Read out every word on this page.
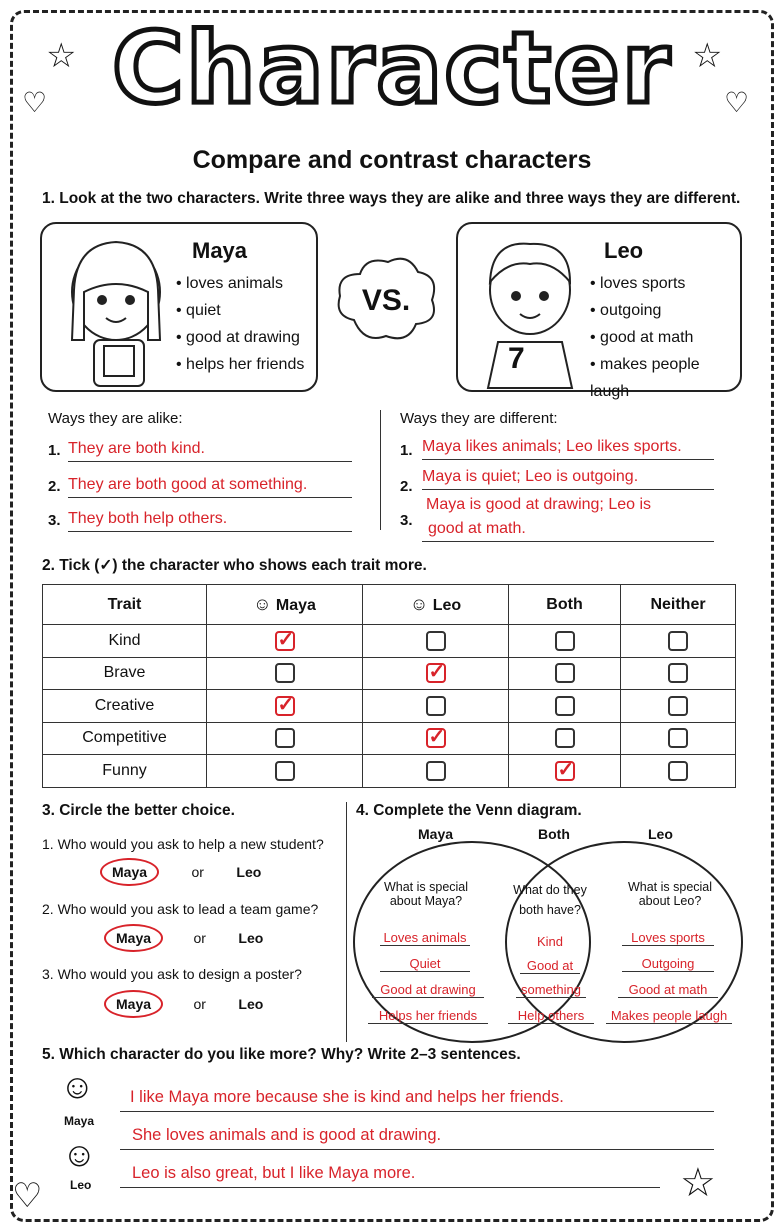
☆	☆
♡	♡
♡	☆
Character
Compare and contrast characters
1. Look at the two characters. Write three ways they are alike and three ways they are different.
Maya
• loves animals
• quiet
• good at drawing
• helps her friends
VS.
7
Leo
• loves sports
• outgoing
• good at math
• makes people laugh
Ways they are alike:	Ways they are different:
1. They are both kind.
2. They are both good at something.
3. They both help others.
1. Maya likes animals; Leo likes sports.
2.
Maya is quiet; Leo is outgoing.
3.
Maya is good at drawing; Leo is
good at math.
2. Tick (✓) the character who shows each trait more.
Trait	☺ Maya	☺ Leo	Both	Neither
Kind	✓			
Brave		✓		
Creative	✓			
Competitive		✓		
Funny			✓	
3. Circle the better choice.
1. Who would you ask to help a new student?
Maya	or Leo
2. Who would you ask to lead a team game?
Maya	or Leo
3. Who would you ask to design a poster?
Maya	or Leo
4. Complete the Venn diagram.
Maya	Both	Leo
What is special about Maya?
What do they both have?
What is special about Leo?
Loves animals
Quiet
Good at drawing
Helps her friends
Kind
Good at
something
Help others
Loves sports
Outgoing
Good at math
Makes people laugh
5. Which character do you like more? Why? Write 2–3 sentences.
☺
Maya
☺
Leo
I like Maya more because she is kind and helps her friends.
She loves animals and is good at drawing.
Leo is also great, but I like Maya more.
